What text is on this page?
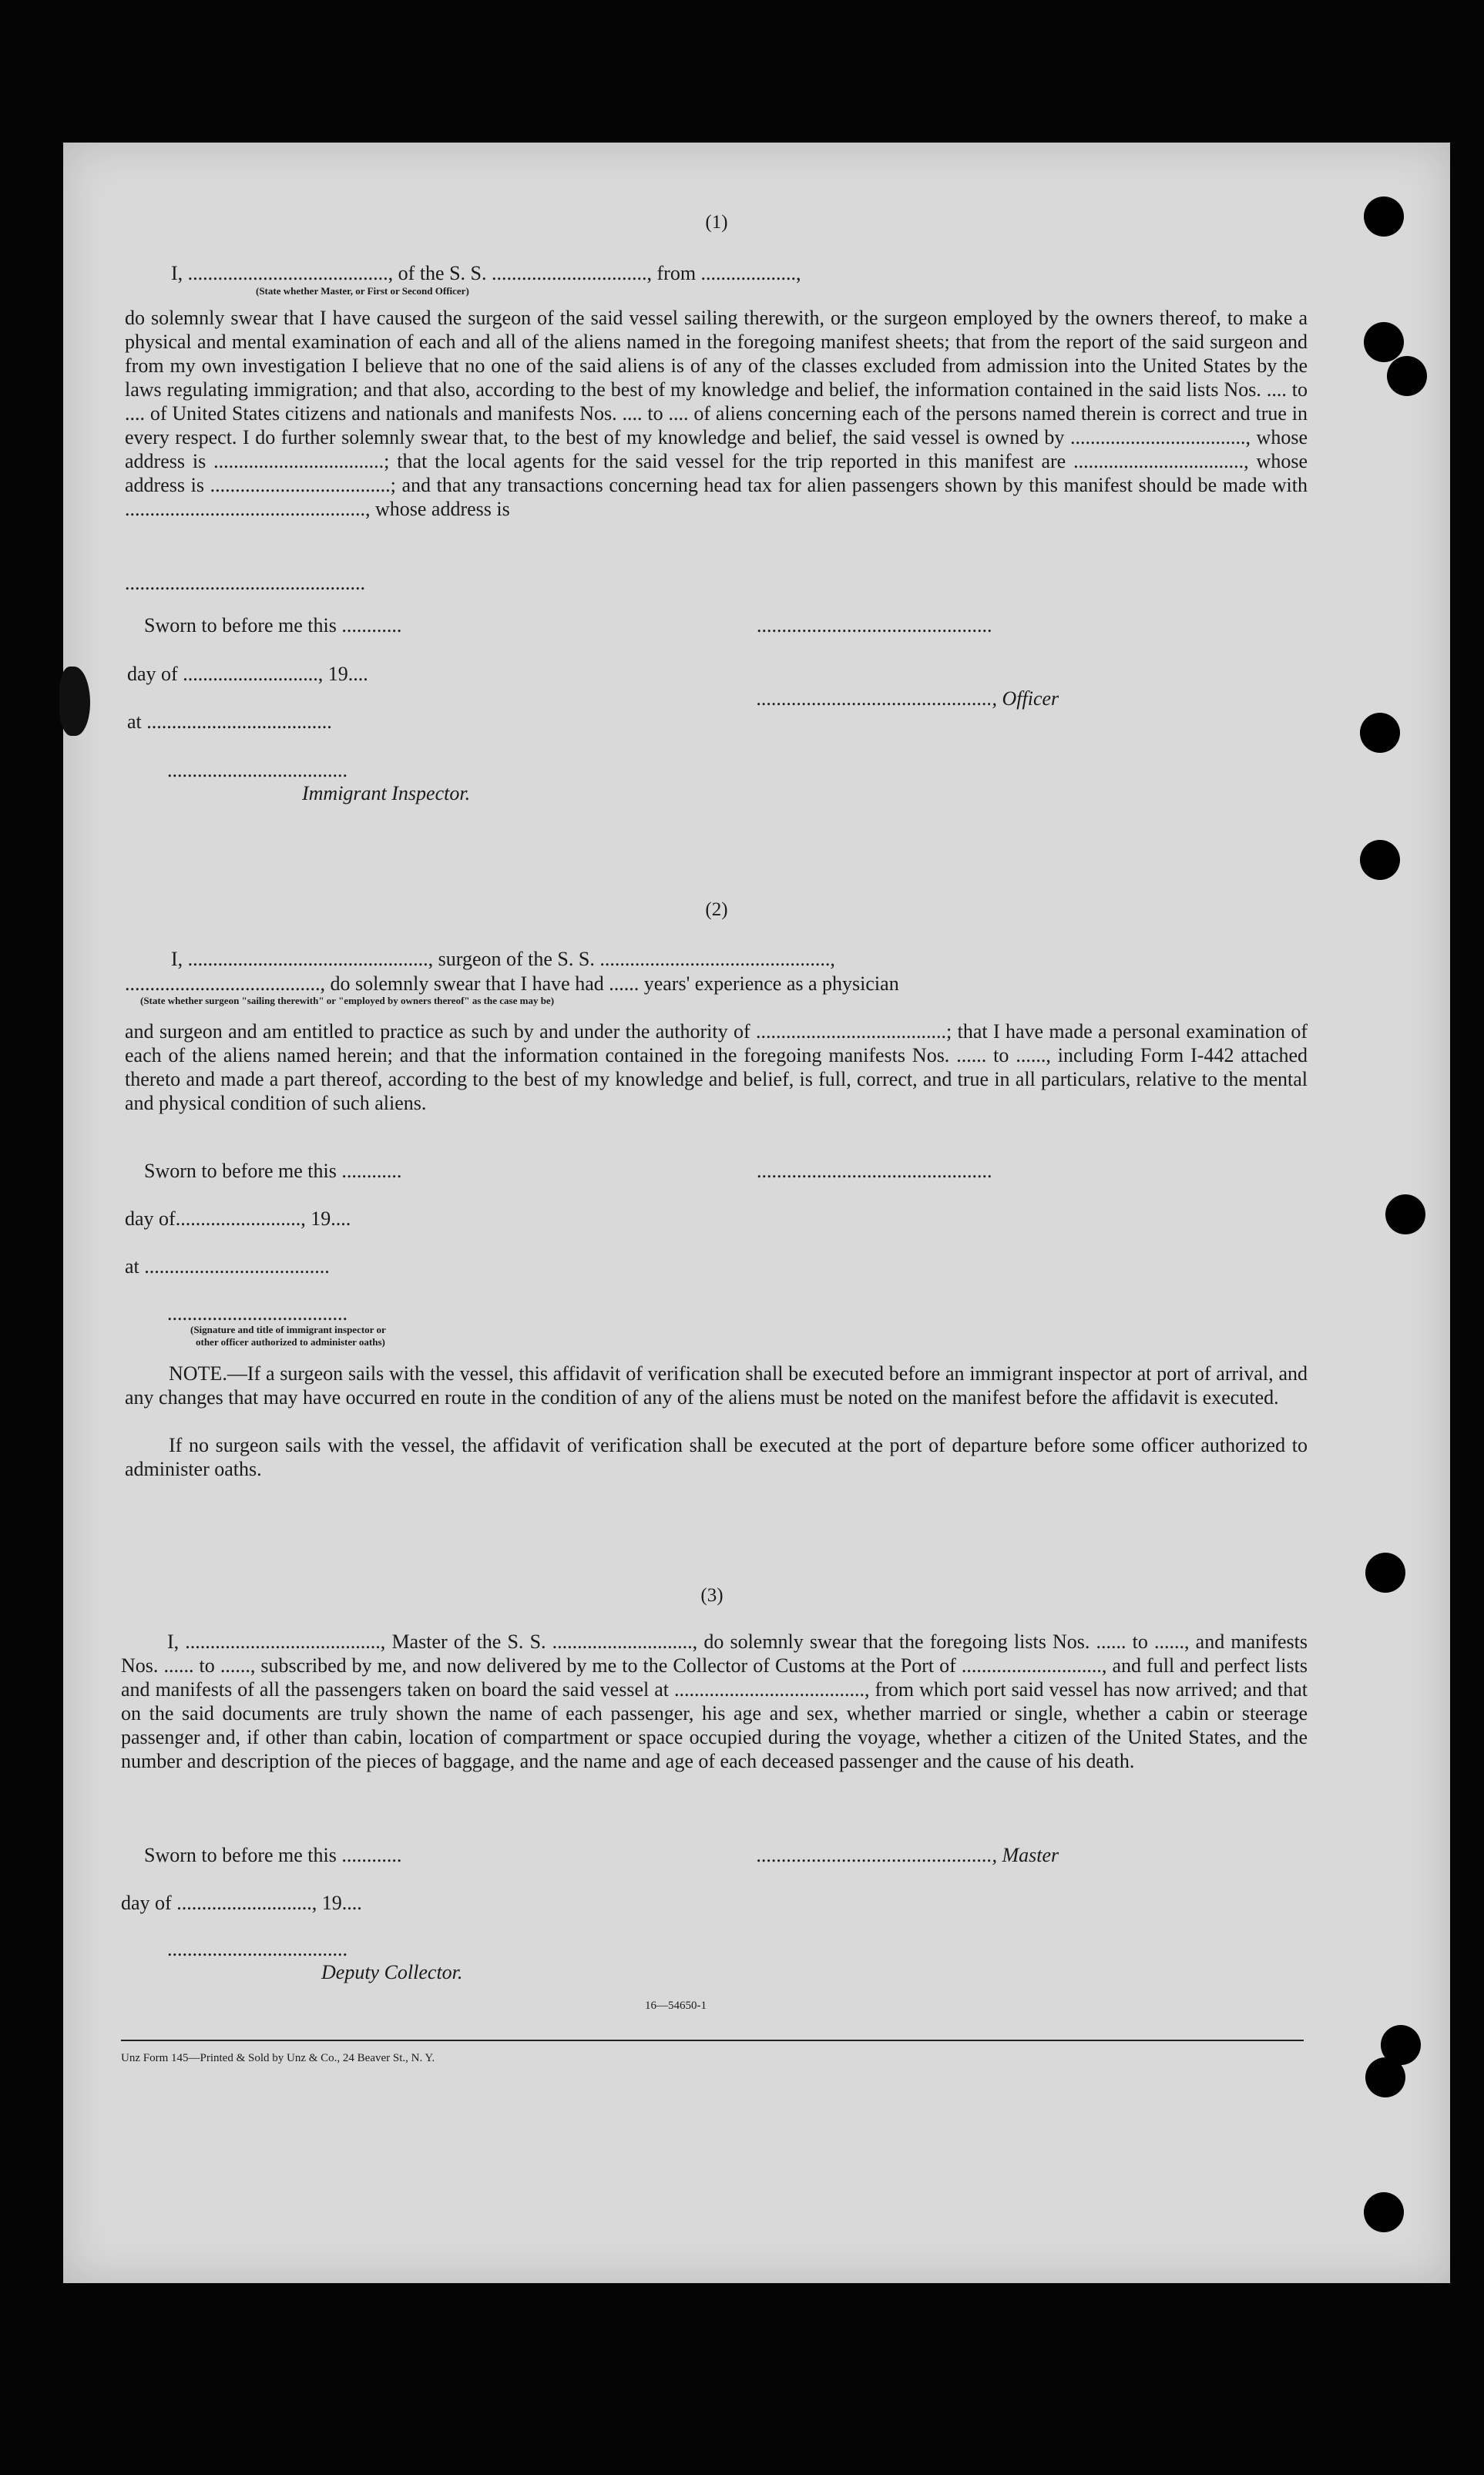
(1)
I, ........................................, of the S. S. ..............................., from ...................,
(State whether Master, or First or Second Officer)
do solemnly swear that I have caused the surgeon of the said vessel sailing therewith, or the surgeon employed by the owners thereof, to make a physical and mental examination of each and all of the aliens named in the foregoing manifest sheets; that from the report of the said surgeon and from my own investigation I believe that no one of the said aliens is of any of the classes excluded from admission into the United States by the laws regulating immigration; and that also, according to the best of my knowledge and belief, the information contained in the said lists Nos. .... to .... of United States citizens and nationals and manifests Nos. .... to .... of aliens concerning each of the persons named therein is correct and true in every respect. I do further solemnly swear that, to the best of my knowledge and belief, the said vessel is owned by ..................................., whose address is ..................................; that the local agents for the said vessel for the trip reported in this manifest are .................................., whose address is ....................................; and that any transactions concerning head tax for alien passengers shown by this manifest should be made with ................................................, whose address is
................................................
Sworn to before me this ............	...............................................
day of ..........................., 19....
..............................................., Officer
at .....................................
....................................
Immigrant Inspector.
(2)
I, ................................................, surgeon of the S. S. ..............................................,
......................................., do solemnly swear that I have had ...... years' experience as a physician
(State whether surgeon "sailing therewith" or "employed by owners thereof" as the case may be)
and surgeon and am entitled to practice as such by and under the authority of ......................................; that I have made a personal examination of each of the aliens named herein; and that the information contained in the foregoing manifests Nos. ...... to ......, including Form I-442 attached thereto and made a part thereof, according to the best of my knowledge and belief, is full, correct, and true in all particulars, relative to the mental and physical condition of such aliens.
Sworn to before me this ............	...............................................
day of........................., 19....
at .....................................
....................................
(Signature and title of immigrant inspector or
other officer authorized to administer oaths)
NOTE.—If a surgeon sails with the vessel, this affidavit of verification shall be executed before an immigrant inspector at port of arrival, and any changes that may have occurred en route in the condition of any of the aliens must be noted on the manifest before the affidavit is executed.
If no surgeon sails with the vessel, the affidavit of verification shall be executed at the port of departure before some officer authorized to administer oaths.
(3)
I, ......................................., Master of the S. S. ............................, do solemnly swear that the foregoing lists Nos. ...... to ......, and manifests Nos. ...... to ......, subscribed by me, and now delivered by me to the Collector of Customs at the Port of ............................, and full and perfect lists and manifests of all the passengers taken on board the said vessel at ......................................, from which port said vessel has now arrived; and that on the said documents are truly shown the name of each passenger, his age and sex, whether married or single, whether a cabin or steerage passenger and, if other than cabin, location of compartment or space occupied during the voyage, whether a citizen of the United States, and the number and description of the pieces of baggage, and the name and age of each deceased passenger and the cause of his death.
Sworn to before me this ............	..............................................., Master
day of ..........................., 19....
....................................
Deputy Collector.
16—54650-1
Unz Form 145—Printed & Sold by Unz & Co., 24 Beaver St., N. Y.
